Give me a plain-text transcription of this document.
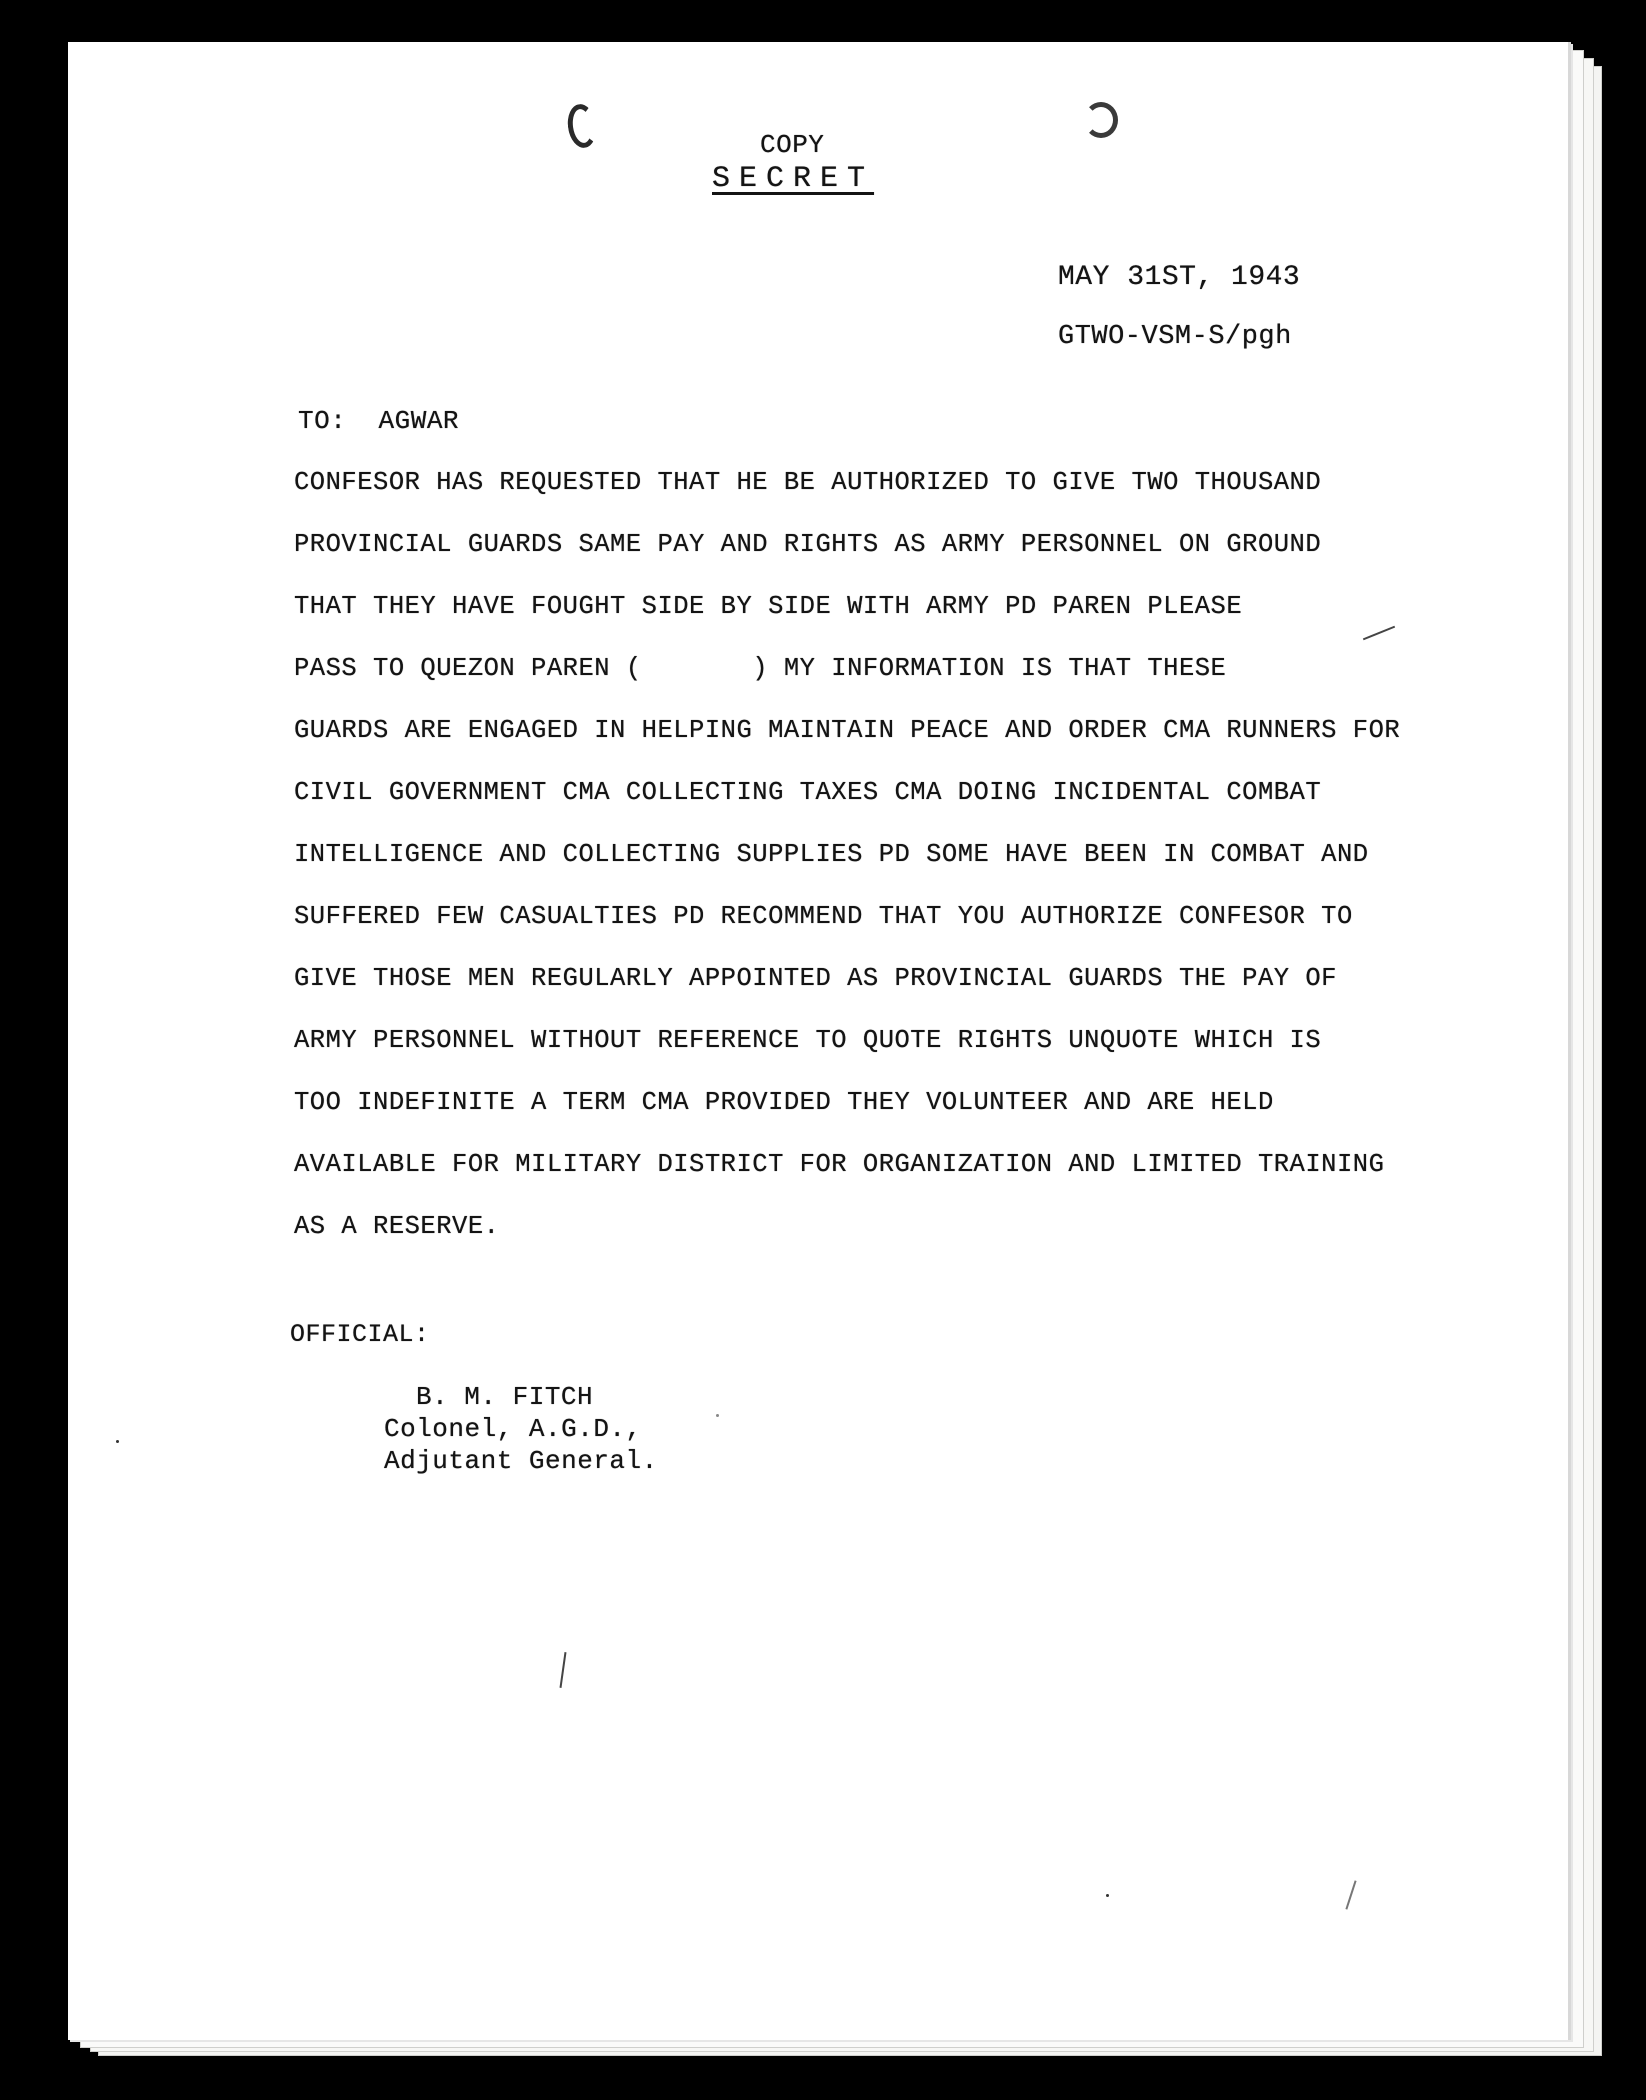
COPY
SECRET
MAY 31ST, 1943
GTWO-VSM-S/pgh
TO:  AGWAR
CONFESOR HAS REQUESTED THAT HE BE AUTHORIZED TO GIVE TWO THOUSAND
PROVINCIAL GUARDS SAME PAY AND RIGHTS AS ARMY PERSONNEL ON GROUND
THAT THEY HAVE FOUGHT SIDE BY SIDE WITH ARMY PD PAREN PLEASE
PASS TO QUEZON PAREN (       ) MY INFORMATION IS THAT THESE
GUARDS ARE ENGAGED IN HELPING MAINTAIN PEACE AND ORDER CMA RUNNERS FOR
CIVIL GOVERNMENT CMA COLLECTING TAXES CMA DOING INCIDENTAL COMBAT
INTELLIGENCE AND COLLECTING SUPPLIES PD SOME HAVE BEEN IN COMBAT AND
SUFFERED FEW CASUALTIES PD RECOMMEND THAT YOU AUTHORIZE CONFESOR TO
GIVE THOSE MEN REGULARLY APPOINTED AS PROVINCIAL GUARDS THE PAY OF
ARMY PERSONNEL WITHOUT REFERENCE TO QUOTE RIGHTS UNQUOTE WHICH IS
TOO INDEFINITE A TERM CMA PROVIDED THEY VOLUNTEER AND ARE HELD
AVAILABLE FOR MILITARY DISTRICT FOR ORGANIZATION AND LIMITED TRAINING
AS A RESERVE.
OFFICIAL:
B. M. FITCH
Colonel, A.G.D.,
Adjutant General.
